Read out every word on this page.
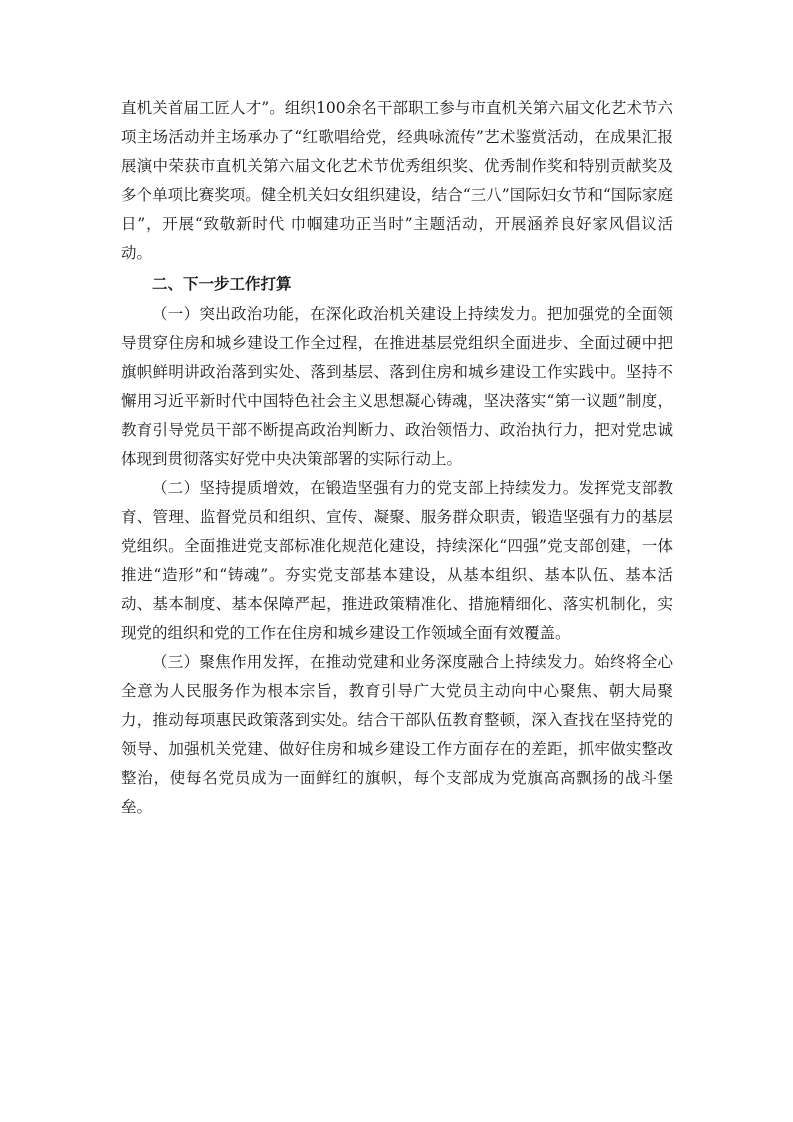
直机关首届工匠人才”。组织100余名干部职工参与市直机关第六届文化艺术节六项主场活动并主场承办了“红歌唱给党，经典咏流传”艺术鉴赏活动，在成果汇报展演中荣获市直机关第六届文化艺术节优秀组织奖、优秀制作奖和特别贡献奖及多个单项比赛奖项。健全机关妇女组织建设，结合“三八”国际妇女节和“国际家庭日”，开展“致敬新时代 巾帼建功正当时”主题活动，开展涵养良好家风倡议活动。

二、下一步工作打算

（一）突出政治功能，在深化政治机关建设上持续发力。把加强党的全面领导贯穿住房和城乡建设工作全过程，在推进基层党组织全面进步、全面过硬中把旗帜鲜明讲政治落到实处、落到基层、落到住房和城乡建设工作实践中。坚持不懈用习近平新时代中国特色社会主义思想凝心铸魂，坚决落实“第一议题”制度，教育引导党员干部不断提高政治判断力、政治领悟力、政治执行力，把对党忠诚体现到贯彻落实好党中央决策部署的实际行动上。

（二）坚持提质增效，在锻造坚强有力的党支部上持续发力。发挥党支部教育、管理、监督党员和组织、宣传、凝聚、服务群众职责，锻造坚强有力的基层党组织。全面推进党支部标准化规范化建设，持续深化“四强”党支部创建，一体推进“造形”和“铸魂”。夯实党支部基本建设，从基本组织、基本队伍、基本活动、基本制度、基本保障严起，推进政策精准化、措施精细化、落实机制化，实现党的组织和党的工作在住房和城乡建设工作领域全面有效覆盖。

（三）聚焦作用发挥，在推动党建和业务深度融合上持续发力。始终将全心全意为人民服务作为根本宗旨，教育引导广大党员主动向中心聚焦、朝大局聚力，推动每项惠民政策落到实处。结合干部队伍教育整顿，深入查找在坚持党的领导、加强机关党建、做好住房和城乡建设工作方面存在的差距，抓牢做实整改整治，使每名党员成为一面鲜红的旗帜，每个支部成为党旗高高飘扬的战斗堡垒。
